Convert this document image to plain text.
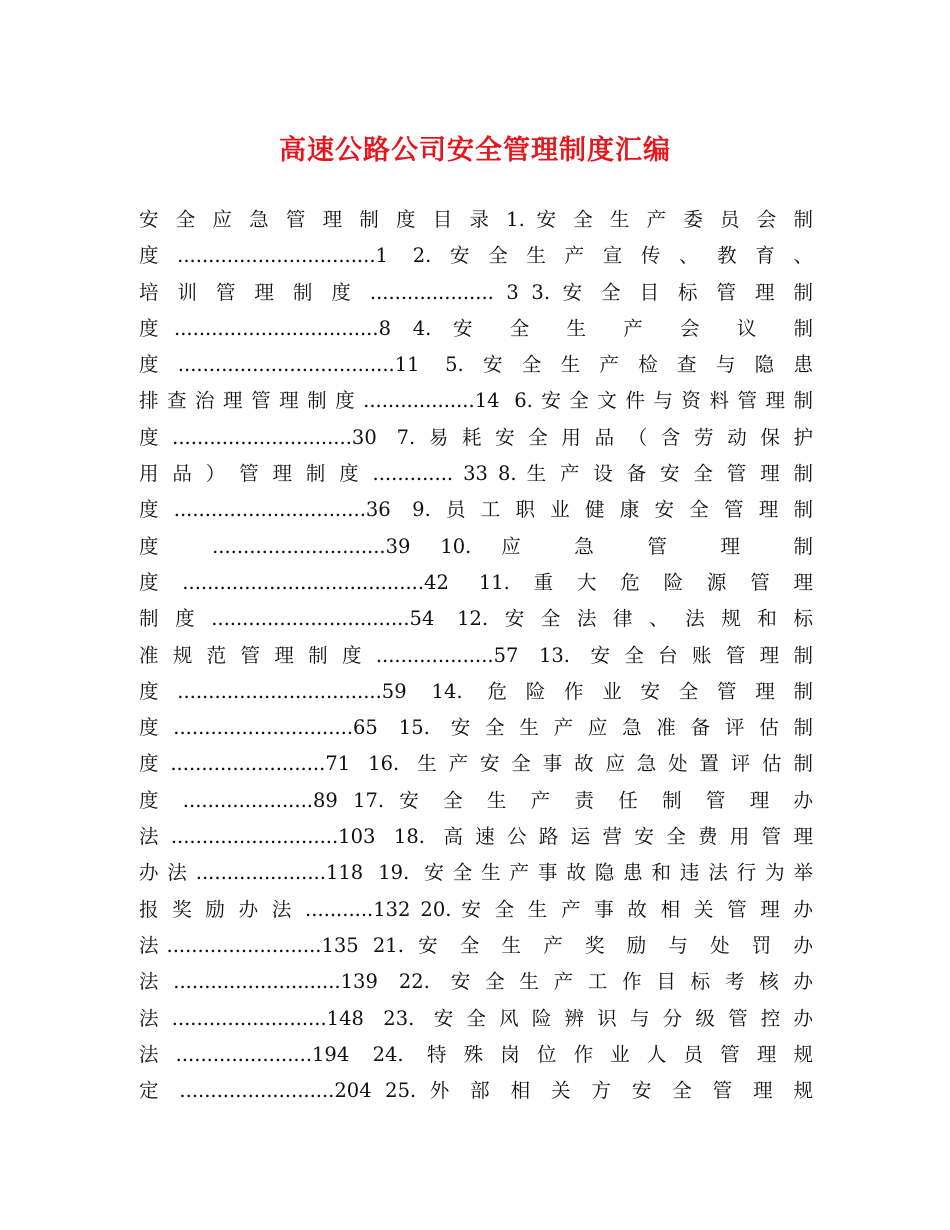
高速公路公司安全管理制度汇编
安 全 应 急 管 理 制 度 目 录 1. 安 全 生 产 委 员 会 制
度................................1 2.安全生产宣传、教育、
培 训 管 理 制 度 .................... 3 3. 安 全 目 标 管 理 制
度.................................8 4. 安 全 生 产 会 议 制
度...................................11 5.安全生产检查与隐患
排查治理管理制度..................14 6.安全文件与资料管理制
度.............................30 7.易耗安全用品（含劳动保护
用 品 ） 管 理 制 度 ............. 33 8. 生 产 设 备 安 全 管 理 制
度...............................36 9.员工职业健康安全管理制
度 ............................39 10. 应 急 管 理 制
度.......................................42 11.重大危险源管理
制度................................54 12.安全法律、法规和标
准规范管理制度...................57 13. 安全台账管理制
度.................................59 14. 危险作业安全管理制
度.............................65 15. 安全生产应急准备评估制
度.........................71 16. 生产安全事故应急处置评估制
度 .....................89 17. 安 全 生 产 责 任 制 管 理 办
法...........................103 18. 高速公路运营安全费用管理
办法.....................118 19. 安全生产事故隐患和违法行为举
报 奖 励 办 法 ...........132 20. 安 全 生 产 事 故 相 关 管 理 办
法.........................135 21. 安 全 生 产 奖 励 与 处 罚 办
法...........................139 22. 安全生产工作目标考核办
法.........................148 23. 安全风险辨识与分级管控办
法......................194 24. 特殊岗位作业人员管理规
定 .........................204 25. 外 部 相 关 方 安 全 管 理 规
